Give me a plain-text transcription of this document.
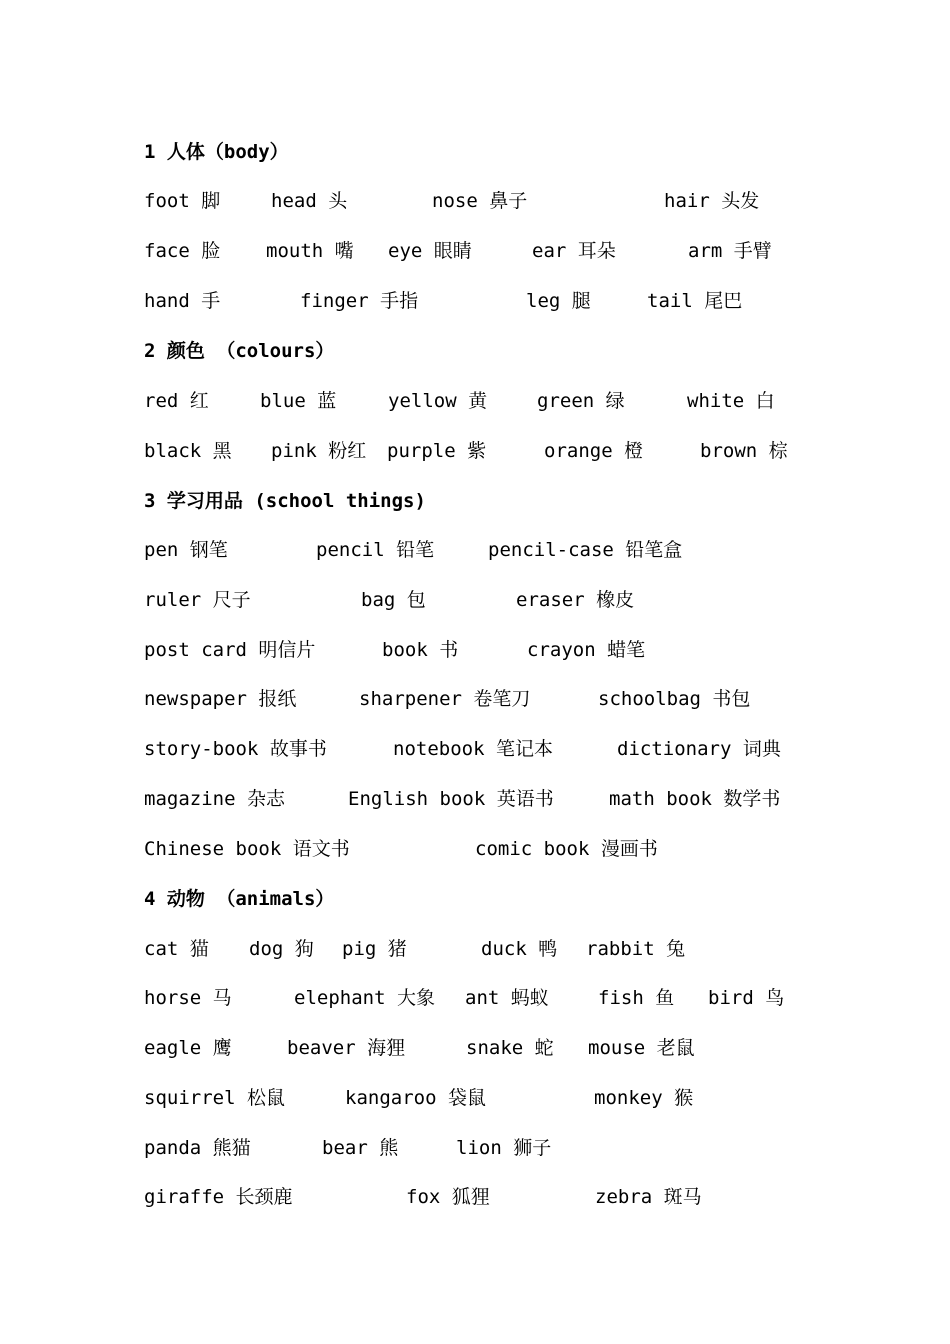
1 人体（body）
foot 脚	head 头	nose 鼻子	hair 头发
face 脸 mouth 嘴 eye 眼睛	ear 耳朵	arm 手臂
hand 手	finger 手指	leg 腿	tail 尾巴
2 颜色 （colours）
red 红	blue 蓝	yellow 黄	green 绿	white 白
black 黑 pink 粉红 purple 紫	orange 橙	brown 棕
3 学习用品 (school things)
pen 钢笔	pencil 铅笔	pencil-case 铅笔盒
ruler 尺子	bag 包	eraser 橡皮
post card 明信片	book 书	crayon 蜡笔
newspaper 报纸	sharpener 卷笔刀	schoolbag 书包
story-book 故事书	notebook 笔记本	dictionary 词典
magazine 杂志	English book 英语书	math book 数学书
Chinese book 语文书	comic book 漫画书
4 动物 （animals）
cat 猫 dog 狗 pig 猪	duck 鸭 rabbit 兔
horse 马	elephant 大象 ant 蚂蚁	fish 鱼 bird 鸟
eagle 鹰	beaver 海狸	snake 蛇 mouse 老鼠
squirrel 松鼠	kangaroo 袋鼠	monkey 猴
panda 熊猫	bear 熊	lion 狮子
giraffe 长颈鹿	fox 狐狸	zebra 斑马
